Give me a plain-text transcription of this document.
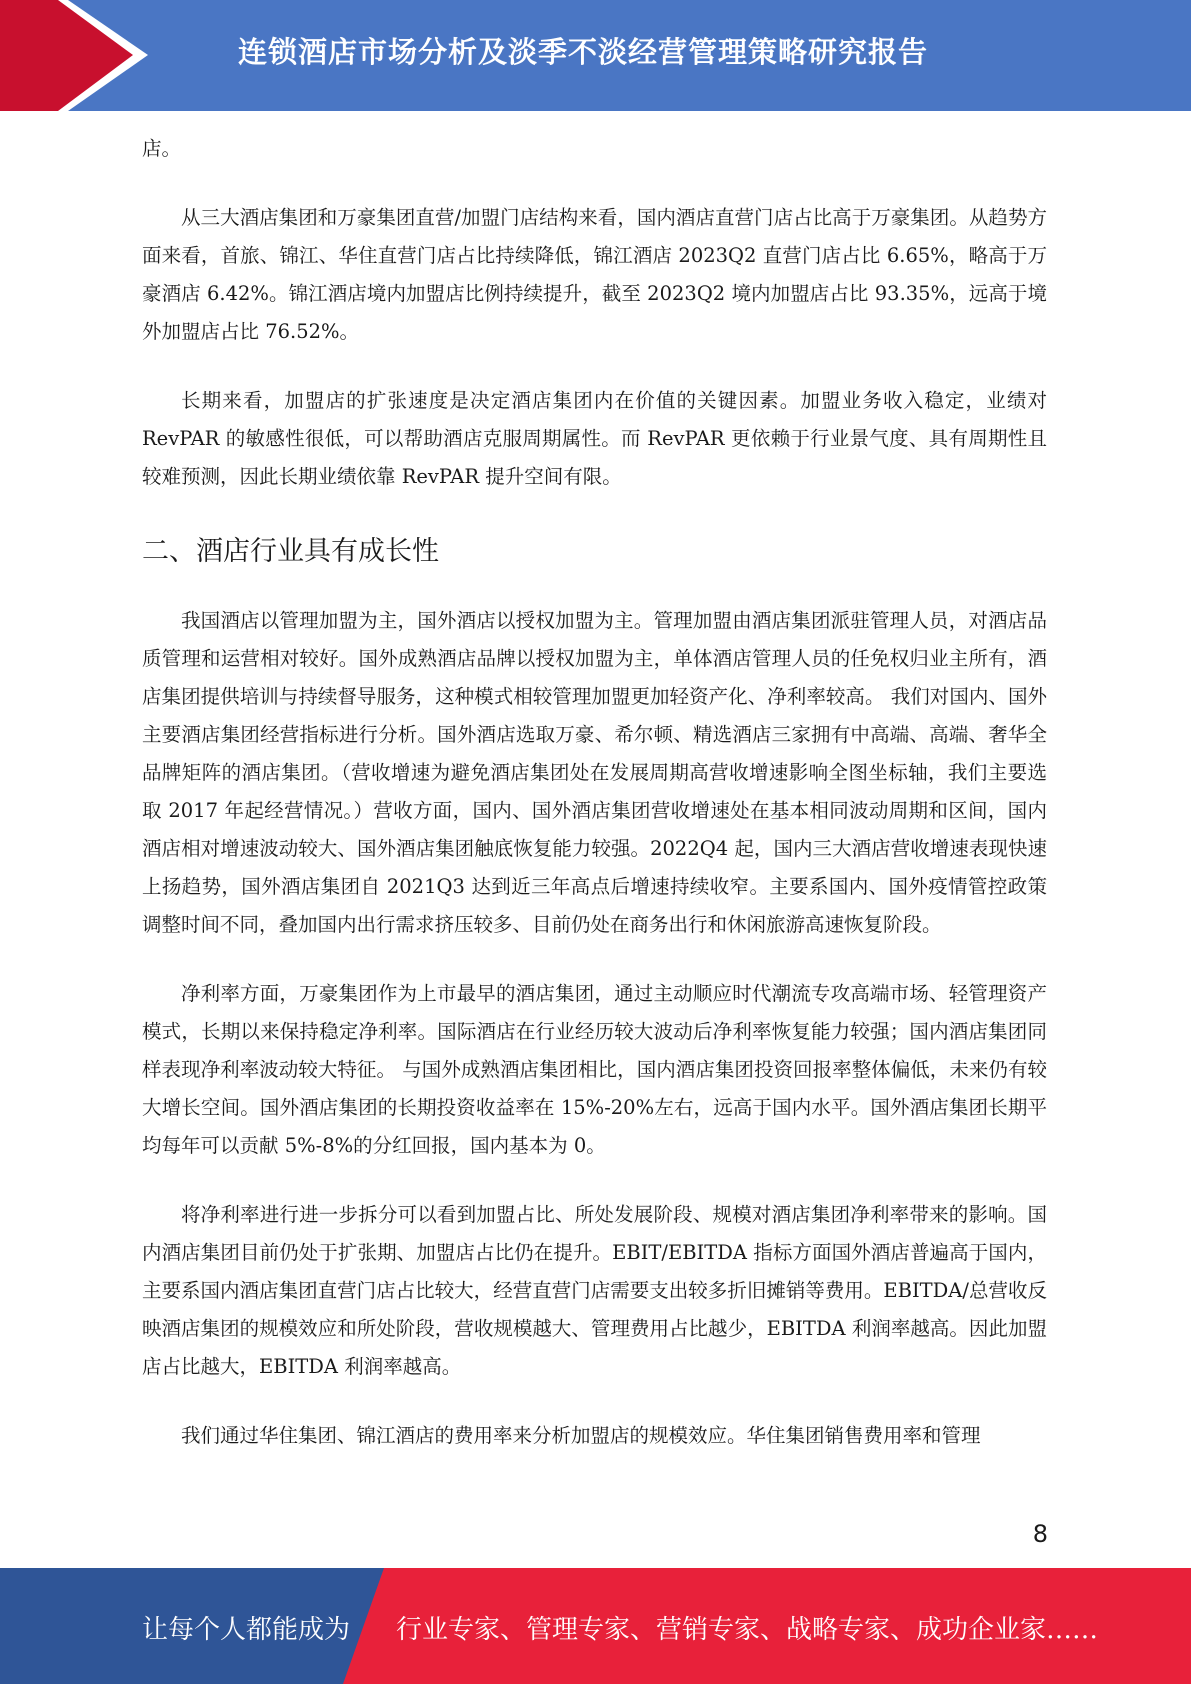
连锁酒店市场分析及淡季不淡经营管理策略研究报告

店。

从三大酒店集团和万豪集团直营/加盟门店结构来看，国内酒店直营门店占比高于万豪集团。从趋势方面来看，首旅、锦江、华住直营门店占比持续降低，锦江酒店 2023Q2 直营门店占比 6.65%，略高于万豪酒店 6.42%。锦江酒店境内加盟店比例持续提升，截至 2023Q2 境内加盟店占比 93.35%，远高于境外加盟店占比 76.52%。

长期来看，加盟店的扩张速度是决定酒店集团内在价值的关键因素。加盟业务收入稳定，业绩对 RevPAR 的敏感性很低，可以帮助酒店克服周期属性。而 RevPAR 更依赖于行业景气度、具有周期性且较难预测，因此长期业绩依靠 RevPAR 提升空间有限。

二、酒店行业具有成长性

我国酒店以管理加盟为主，国外酒店以授权加盟为主。管理加盟由酒店集团派驻管理人员，对酒店品质管理和运营相对较好。国外成熟酒店品牌以授权加盟为主，单体酒店管理人员的任免权归业主所有，酒店集团提供培训与持续督导服务，这种模式相较管理加盟更加轻资产化、净利率较高。 我们对国内、国外主要酒店集团经营指标进行分析。国外酒店选取万豪、希尔顿、精选酒店三家拥有中高端、高端、奢华全品牌矩阵的酒店集团。（营收增速为避免酒店集团处在发展周期高营收增速影响全图坐标轴，我们主要选取 2017 年起经营情况。）营收方面，国内、国外酒店集团营收增速处在基本相同波动周期和区间，国内酒店相对增速波动较大、国外酒店集团触底恢复能力较强。2022Q4 起，国内三大酒店营收增速表现快速上扬趋势，国外酒店集团自 2021Q3 达到近三年高点后增速持续收窄。主要系国内、国外疫情管控政策调整时间不同，叠加国内出行需求挤压较多、目前仍处在商务出行和休闲旅游高速恢复阶段。

净利率方面，万豪集团作为上市最早的酒店集团，通过主动顺应时代潮流专攻高端市场、轻管理资产模式，长期以来保持稳定净利率。国际酒店在行业经历较大波动后净利率恢复能力较强；国内酒店集团同样表现净利率波动较大特征。 与国外成熟酒店集团相比，国内酒店集团投资回报率整体偏低，未来仍有较大增长空间。国外酒店集团的长期投资收益率在 15%-20%左右，远高于国内水平。国外酒店集团长期平均每年可以贡献 5%-8%的分红回报，国内基本为 0。

将净利率进行进一步拆分可以看到加盟占比、所处发展阶段、规模对酒店集团净利率带来的影响。国内酒店集团目前仍处于扩张期、加盟店占比仍在提升。EBIT/EBITDA 指标方面国外酒店普遍高于国内，主要系国内酒店集团直营门店占比较大，经营直营门店需要支出较多折旧摊销等费用。EBITDA/总营收反映酒店集团的规模效应和所处阶段，营收规模越大、管理费用占比越少，EBITDA 利润率越高。因此加盟店占比越大，EBITDA 利润率越高。

我们通过华住集团、锦江酒店的费用率来分析加盟店的规模效应。华住集团销售费用率和管理

8
让每个人都能成为 行业专家、管理专家、营销专家、战略专家、成功企业家……
